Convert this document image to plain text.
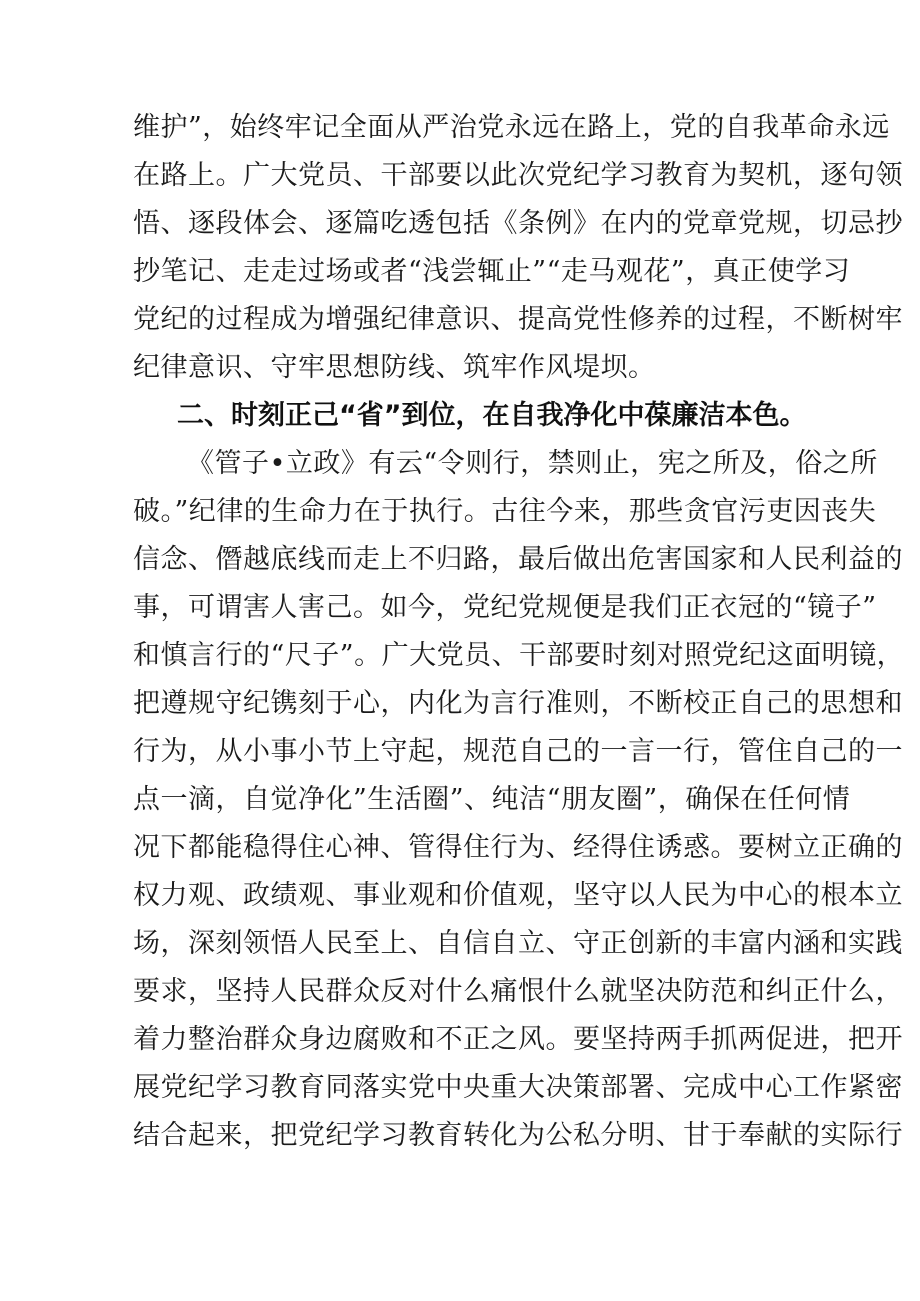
维护”，始终牢记全面从严治党永远在路上，党的自我革命永远
在路上。广大党员、干部要以此次党纪学习教育为契机，逐句领
悟、逐段体会、逐篇吃透包括《条例》在内的党章党规，切忌抄
抄笔记、走走过场或者“浅尝辄止”“走马观花”，真正使学习
党纪的过程成为增强纪律意识、提高党性修养的过程，不断树牢
纪律意识、守牢思想防线、筑牢作风堤坝。
二、时刻正己“省”到位，在自我净化中葆廉洁本色。
《管子•立政》有云“令则行，禁则止，宪之所及，俗之所
破。”纪律的生命力在于执行。古往今来，那些贪官污吏因丧失
信念、僭越底线而走上不归路，最后做出危害国家和人民利益的
事，可谓害人害己。如今，党纪党规便是我们正衣冠的“镜子”
和慎言行的“尺子”。广大党员、干部要时刻对照党纪这面明镜，
把遵规守纪镌刻于心，内化为言行准则，不断校正自己的思想和
行为，从小事小节上守起，规范自己的一言一行，管住自己的一
点一滴，自觉净化”生活圈”、纯洁“朋友圈”，确保在任何情
况下都能稳得住心神、管得住行为、经得住诱惑。要树立正确的
权力观、政绩观、事业观和价值观，坚守以人民为中心的根本立
场，深刻领悟人民至上、自信自立、守正创新的丰富内涵和实践
要求，坚持人民群众反对什么痛恨什么就坚决防范和纠正什么，
着力整治群众身边腐败和不正之风。要坚持两手抓两促进，把开
展党纪学习教育同落实党中央重大决策部署、完成中心工作紧密
结合起来，把党纪学习教育转化为公私分明、甘于奉献的实际行
